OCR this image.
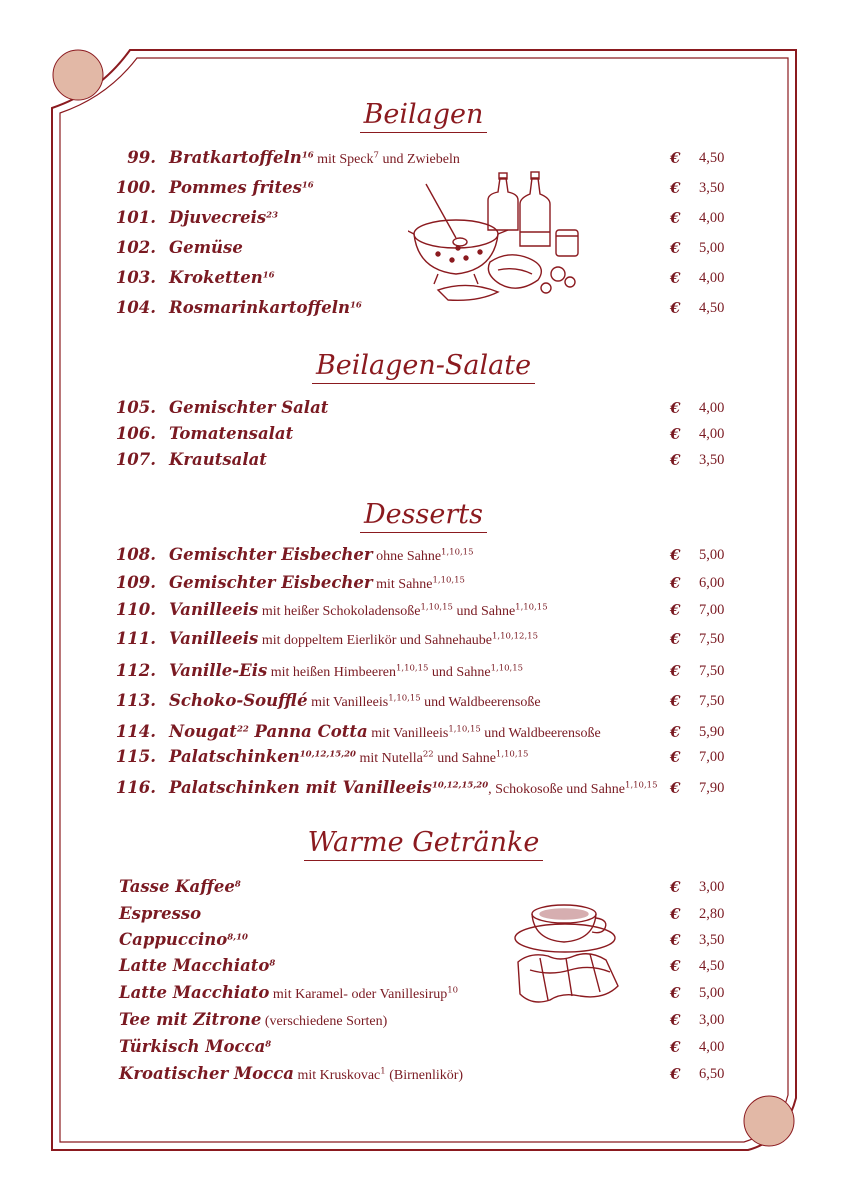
Beilagen
Beilagen-Salate
Desserts
Warme Getränke
99. Bratkartoffeln$^{16}$ mit Speck$^7$ und Zwiebeln	€ 4,50
100. Pommes frites$^{16}$	€ 3,50
101. Djuvecreis$^{23}$	€ 4,00
102. Gemüse	€ 5,00
103. Kroketten$^{16}$	€ 4,00
104. Rosmarinkartoffeln$^{16}$	€ 4,50
105. Gemischter Salat	€ 4,00
106. Tomatensalat	€ 4,00
107. Krautsalat	€ 3,50
108. Gemischter Eisbecher ohne Sahne$^{1,10,15}$	€ 5,00
109. Gemischter Eisbecher mit Sahne$^{1,10,15}$	€ 6,00
110. Vanilleeis mit heißer Schokoladensoße$^{1,10,15}$ und Sahne$^{1,10,15}$	€ 7,00
111. Vanilleeis mit doppeltem Eierlikör und Sahnehaube$^{1,10,12,15}$	€ 7,50
112. Vanille-Eis mit heißen Himbeeren$^{1,10,15}$ und Sahne$^{1,10,15}$	€ 7,50
113. Schoko-Soufflé mit Vanilleeis$^{1,10,15}$ und Waldbeerensoße	€ 7,50
114. Nougat$^{22}$ Panna Cotta mit Vanilleeis$^{1,10,15}$ und Waldbeerensoße	€ 5,90
115. Palatschinken$^{10,12,15,20}$ mit Nutella$^{22}$ und Sahne$^{1,10,15}$	€ 7,00
116. Palatschinken mit Vanilleeis$^{10,12,15,20}$, Schokosoße und Sahne$^{1,10,15}$ € 7,90
Tasse Kaffee$^8$	€ 3,00
Espresso	€ 2,80
Cappuccino$^{8,10}$	€ 3,50
Latte Macchiato$^8$	€ 4,50
Latte Macchiato mit Karamel- oder Vanillesirup$^{10}$	€ 5,00
Tee mit Zitrone (verschiedene Sorten)	€ 3,00
Türkisch Mocca$^8$	€ 4,00
Kroatischer Mocca mit Kruskovac$^1$ (Birnenlikör)	€ 6,50
